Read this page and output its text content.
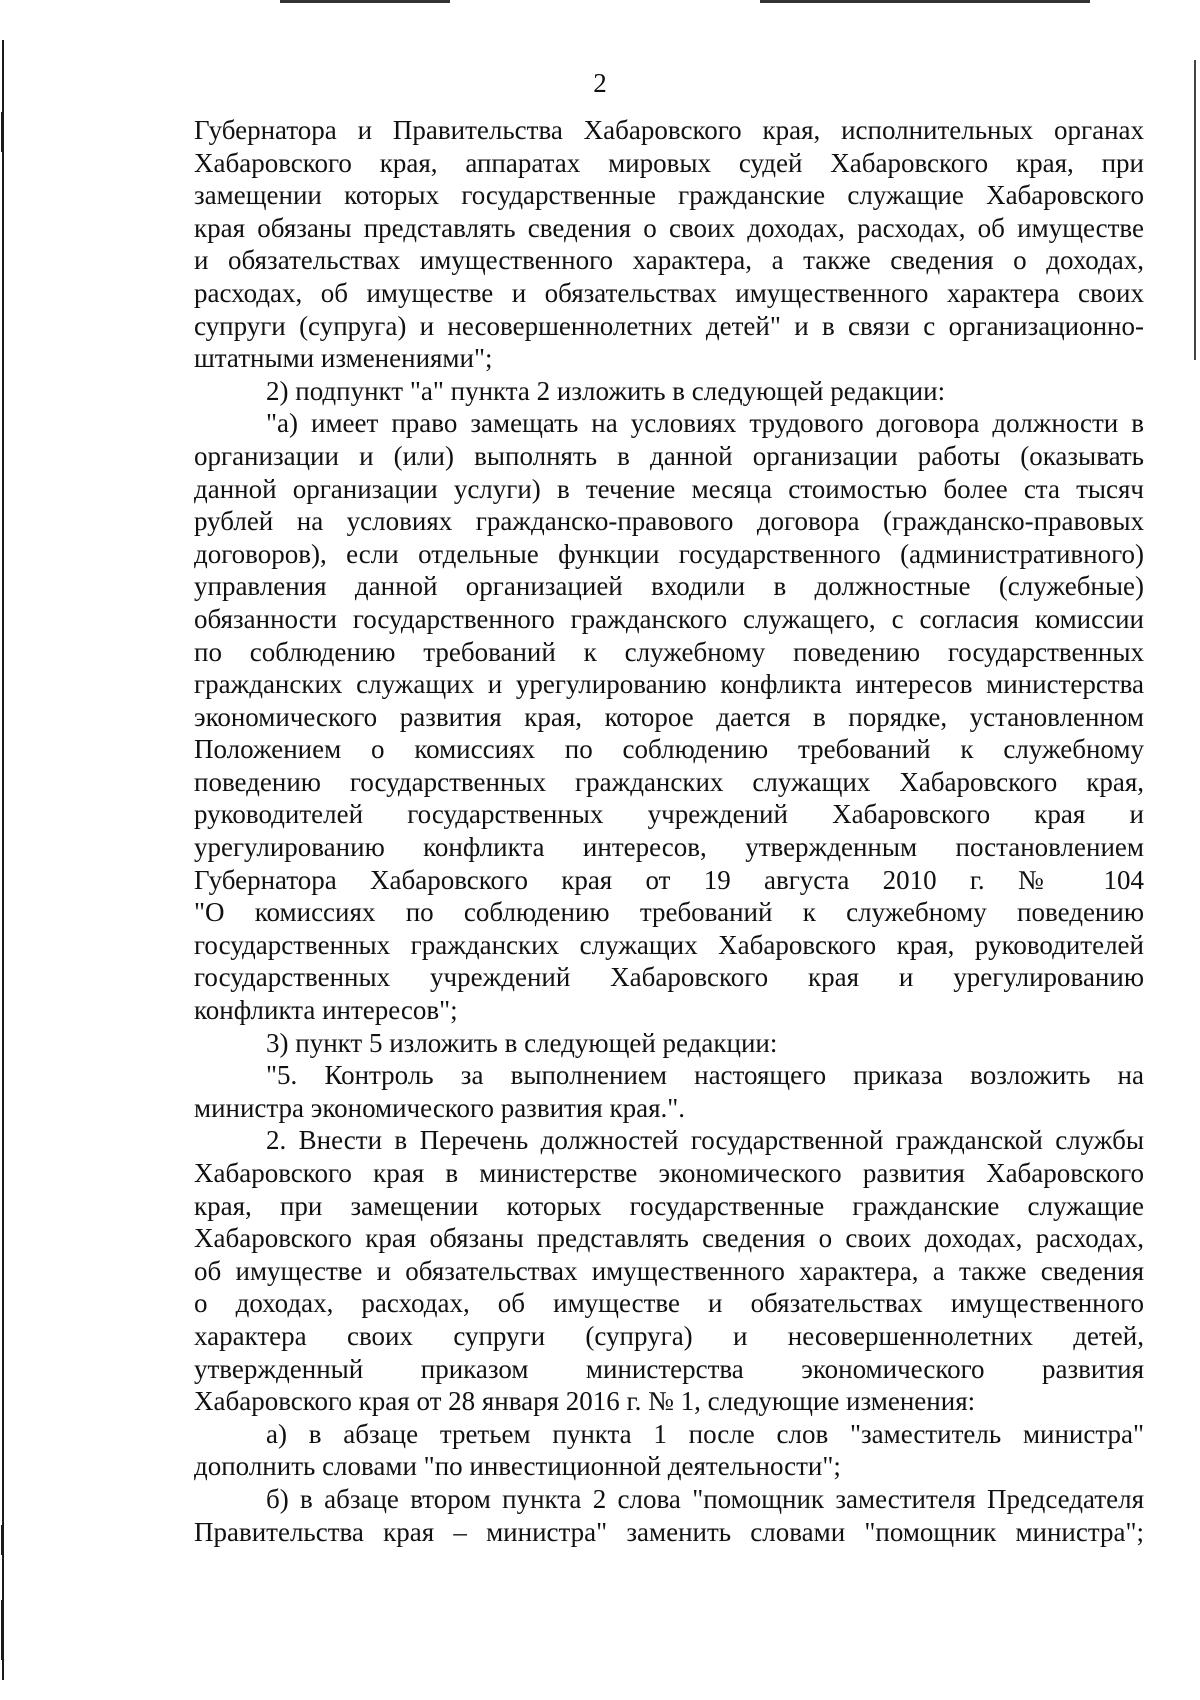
2
Губернатора и Правительства Хабаровского края, исполнительных органах
Хабаровского края, аппаратах мировых судей Хабаровского края, при
замещении которых государственные гражданские служащие Хабаровского
края обязаны представлять сведения о своих доходах, расходах, об имуществе
и обязательствах имущественного характера, а также сведения о доходах,
расходах, об имуществе и обязательствах имущественного характера своих
супруги (супруга) и несовершеннолетних детей" и в связи с организационно-
штатными изменениями";
2) подпункт "а" пункта 2 изложить в следующей редакции:
"а) имеет право замещать на условиях трудового договора должности в
организации и (или) выполнять в данной организации работы (оказывать
данной организации услуги) в течение месяца стоимостью более ста тысяч
рублей на условиях гражданско-правового договора (гражданско-правовых
договоров), если отдельные функции государственного (административного)
управления данной организацией входили в должностные (служебные)
обязанности государственного гражданского служащего, с согласия комиссии
по соблюдению требований к служебному поведению государственных
гражданских служащих и урегулированию конфликта интересов министерства
экономического развития края, которое дается в порядке, установленном
Положением о комиссиях по соблюдению требований к служебному
поведению государственных гражданских служащих Хабаровского края,
руководителей государственных учреждений Хабаровского края и
урегулированию конфликта интересов, утвержденным постановлением
Губернатора Хабаровского края от 19 августа 2010 г. № 104
"О комиссиях по соблюдению требований к служебному поведению
государственных гражданских служащих Хабаровского края, руководителей
государственных учреждений Хабаровского края и урегулированию
конфликта интересов";
3) пункт 5 изложить в следующей редакции:
"5. Контроль за выполнением настоящего приказа возложить на
министра экономического развития края.".
2. Внести в Перечень должностей государственной гражданской службы
Хабаровского края в министерстве экономического развития Хабаровского
края, при замещении которых государственные гражданские служащие
Хабаровского края обязаны представлять сведения о своих доходах, расходах,
об имуществе и обязательствах имущественного характера, а также сведения
о доходах, расходах, об имуществе и обязательствах имущественного
характера своих супруги (супруга) и несовершеннолетних детей,
утвержденный приказом министерства экономического развития
Хабаровского края от 28 января 2016 г. № 1, следующие изменения:
а) в абзаце третьем пункта 1 после слов "заместитель министра"
дополнить словами "по инвестиционной деятельности";
б) в абзаце втором пункта 2 слова "помощник заместителя Председателя
Правительства края – министра" заменить словами "помощник министра";
